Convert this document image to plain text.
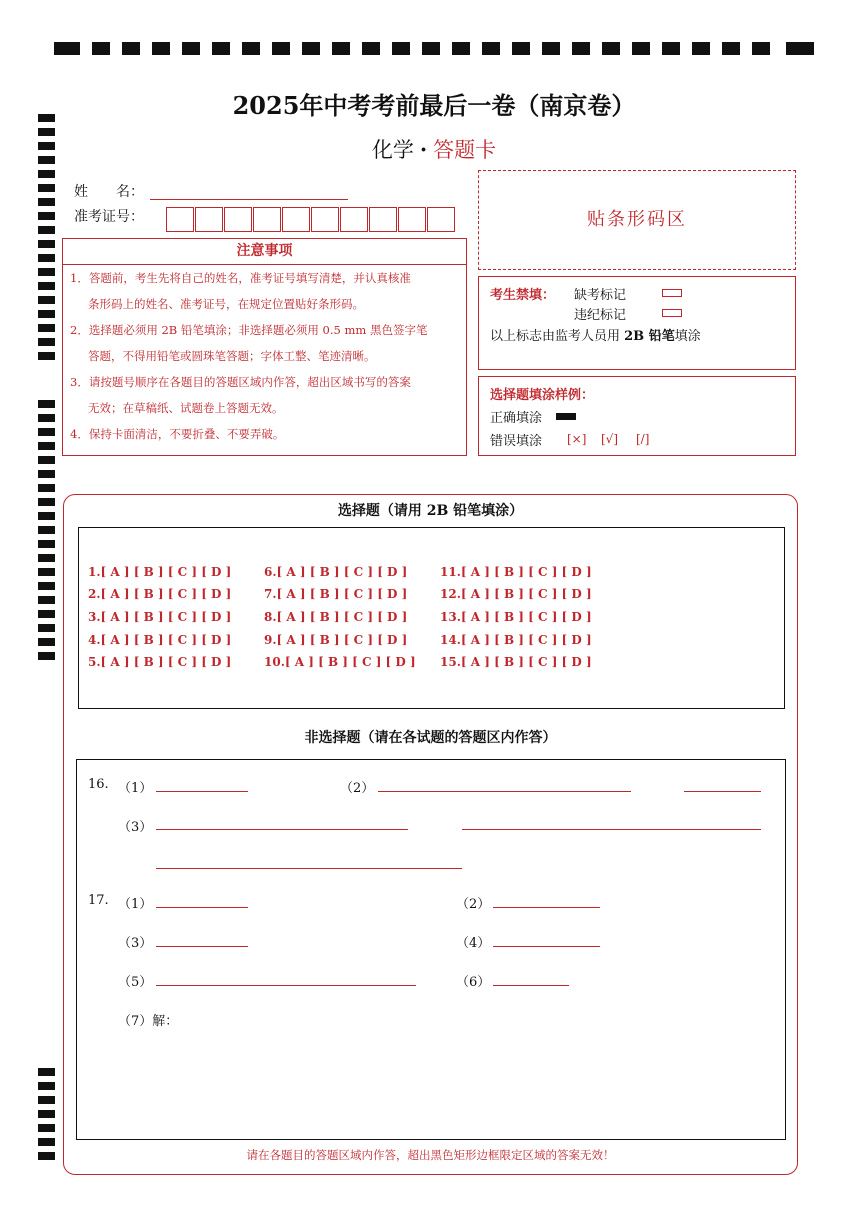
2025年中考考前最后一卷（南京卷）
化学 · 答题卡
姓　　名：
准考证号：	贴条形码区
注意事项
1．答题前，考生先将自己的姓名，准考证号填写清楚，并认真核准
条形码上的姓名、准考证号，在规定位置贴好条形码。
2．选择题必须用 2B 铅笔填涂；非选择题必须用 0.5 mm 黑色签字笔
答题，不得用铅笔或圆珠笔答题；字体工整、笔迹清晰。
3．请按题号顺序在各题目的答题区域内作答，超出区域书写的答案
无效；在草稿纸、试题卷上答题无效。
4．保持卡面清洁，不要折叠、不要弄破。
考生禁填： 缺考标记
违纪标记
以上标志由监考人员用 2B 铅笔填涂
选择题填涂样例：
正确填涂
错误填涂 [×] [√] [/]
选择题（请用 2B 铅笔填涂）
1.[ A ] [ B ] [ C ] [ D ]
2.[ A ] [ B ] [ C ] [ D ]
3.[ A ] [ B ] [ C ] [ D ]
4.[ A ] [ B ] [ C ] [ D ]
5.[ A ] [ B ] [ C ] [ D ]
6.[ A ] [ B ] [ C ] [ D ]
7.[ A ] [ B ] [ C ] [ D ]
8.[ A ] [ B ] [ C ] [ D ]
9.[ A ] [ B ] [ C ] [ D ]
10.[ A ] [ B ] [ C ] [ D ]
11.[ A ] [ B ] [ C ] [ D ]
12.[ A ] [ B ] [ C ] [ D ]
13.[ A ] [ B ] [ C ] [ D ]
14.[ A ] [ B ] [ C ] [ D ]
15.[ A ] [ B ] [ C ] [ D ]
非选择题（请在各试题的答题区内作答）
16. （1）	（2）
（3）
17. （1）	（2）
（3）	（4）
（5）	（6）
（7）解：
请在各题目的答题区域内作答，超出黑色矩形边框限定区域的答案无效！
